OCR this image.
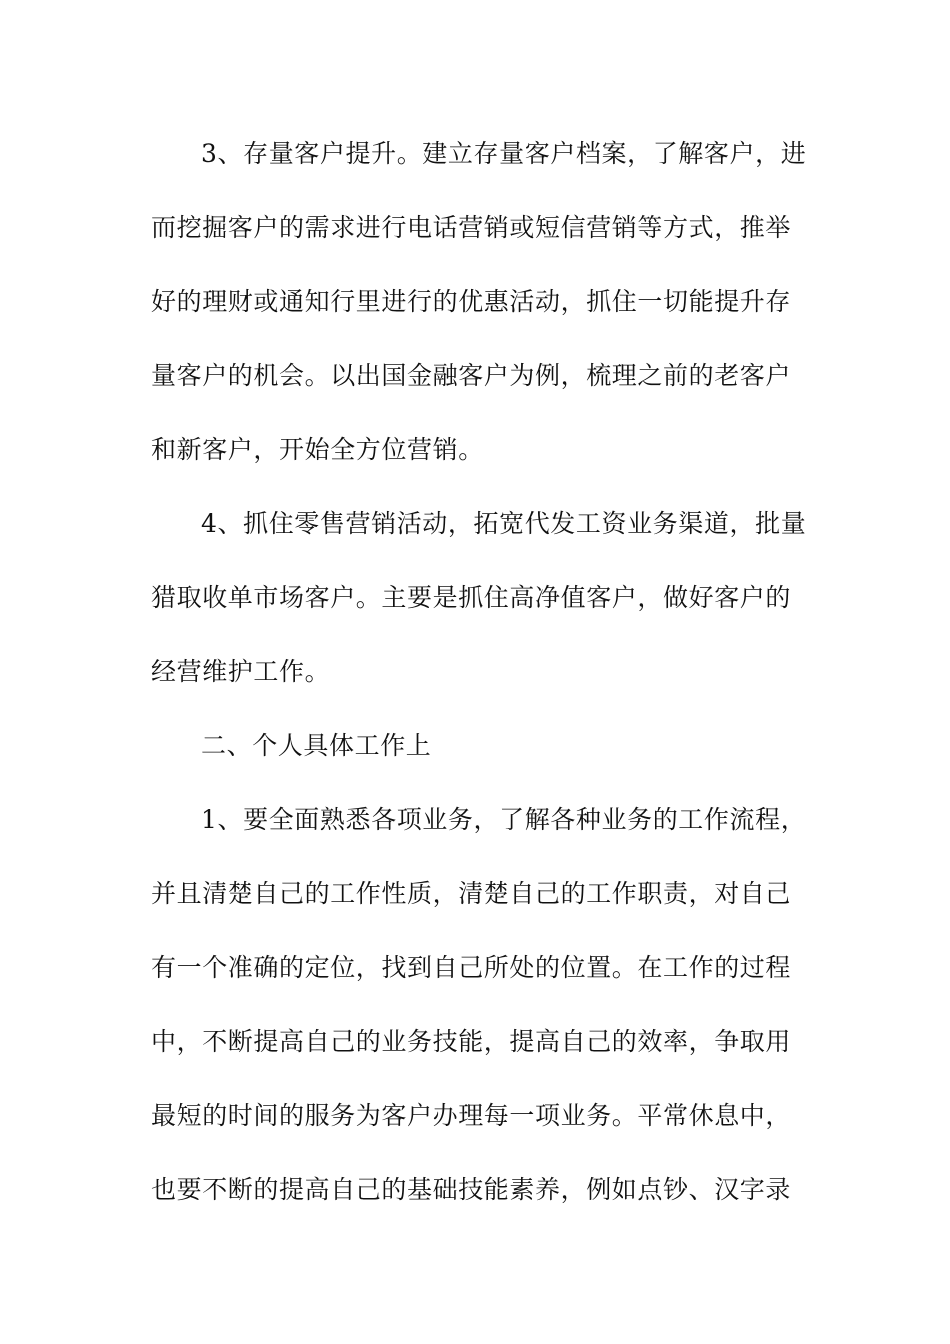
3、存量客户提升。建立存量客户档案，了解客户，进
而挖掘客户的需求进行电话营销或短信营销等方式，推举
好的理财或通知行里进行的优惠活动，抓住一切能提升存
量客户的机会。以出国金融客户为例，梳理之前的老客户
和新客户，开始全方位营销。
4、抓住零售营销活动，拓宽代发工资业务渠道，批量
猎取收单市场客户。主要是抓住高净值客户，做好客户的
经营维护工作。
二、个人具体工作上
1、要全面熟悉各项业务，了解各种业务的工作流程，
并且清楚自己的工作性质，清楚自己的工作职责，对自己
有一个准确的定位，找到自己所处的位置。在工作的过程
中，不断提高自己的业务技能，提高自己的效率，争取用
最短的时间的服务为客户办理每一项业务。平常休息中，
也要不断的提高自己的基础技能素养，例如点钞、汉字录
